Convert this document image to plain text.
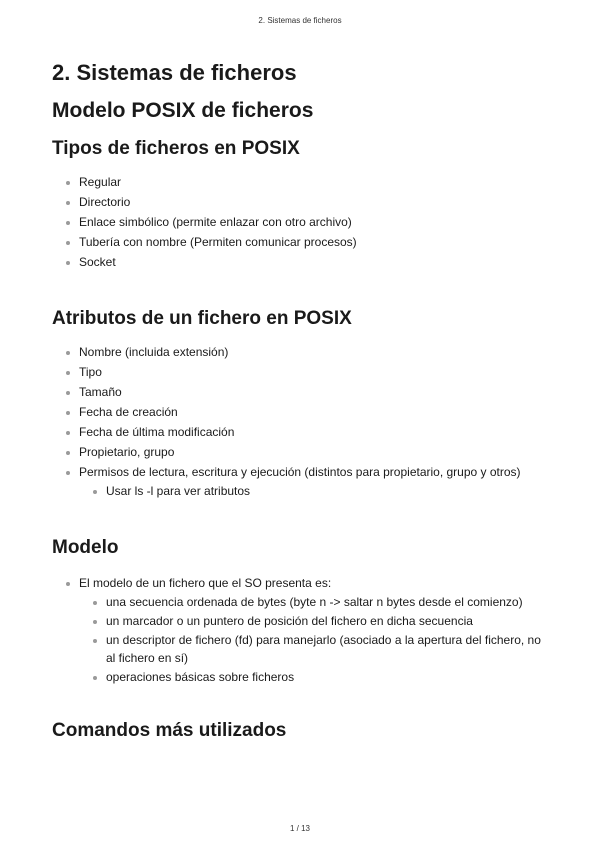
2. Sistemas de ficheros
2. Sistemas de ficheros
Modelo POSIX de ficheros
Tipos de ficheros en POSIX
Regular
Directorio
Enlace simbólico (permite enlazar con otro archivo)
Tubería con nombre (Permiten comunicar procesos)
Socket
Atributos de un fichero en POSIX
Nombre (incluida extensión)
Tipo
Tamaño
Fecha de creación
Fecha de última modificación
Propietario, grupo
Permisos de lectura, escritura y ejecución (distintos para propietario, grupo y otros)
Usar ls -l para ver atributos
Modelo
El modelo de un fichero que el SO presenta es:
una secuencia ordenada de bytes (byte n -> saltar n bytes desde el comienzo)
un marcador o un puntero de posición del fichero en dicha secuencia
un descriptor de fichero (fd) para manejarlo (asociado a la apertura del fichero, no al fichero en sí)
operaciones básicas sobre ficheros
Comandos más utilizados
1 / 13
